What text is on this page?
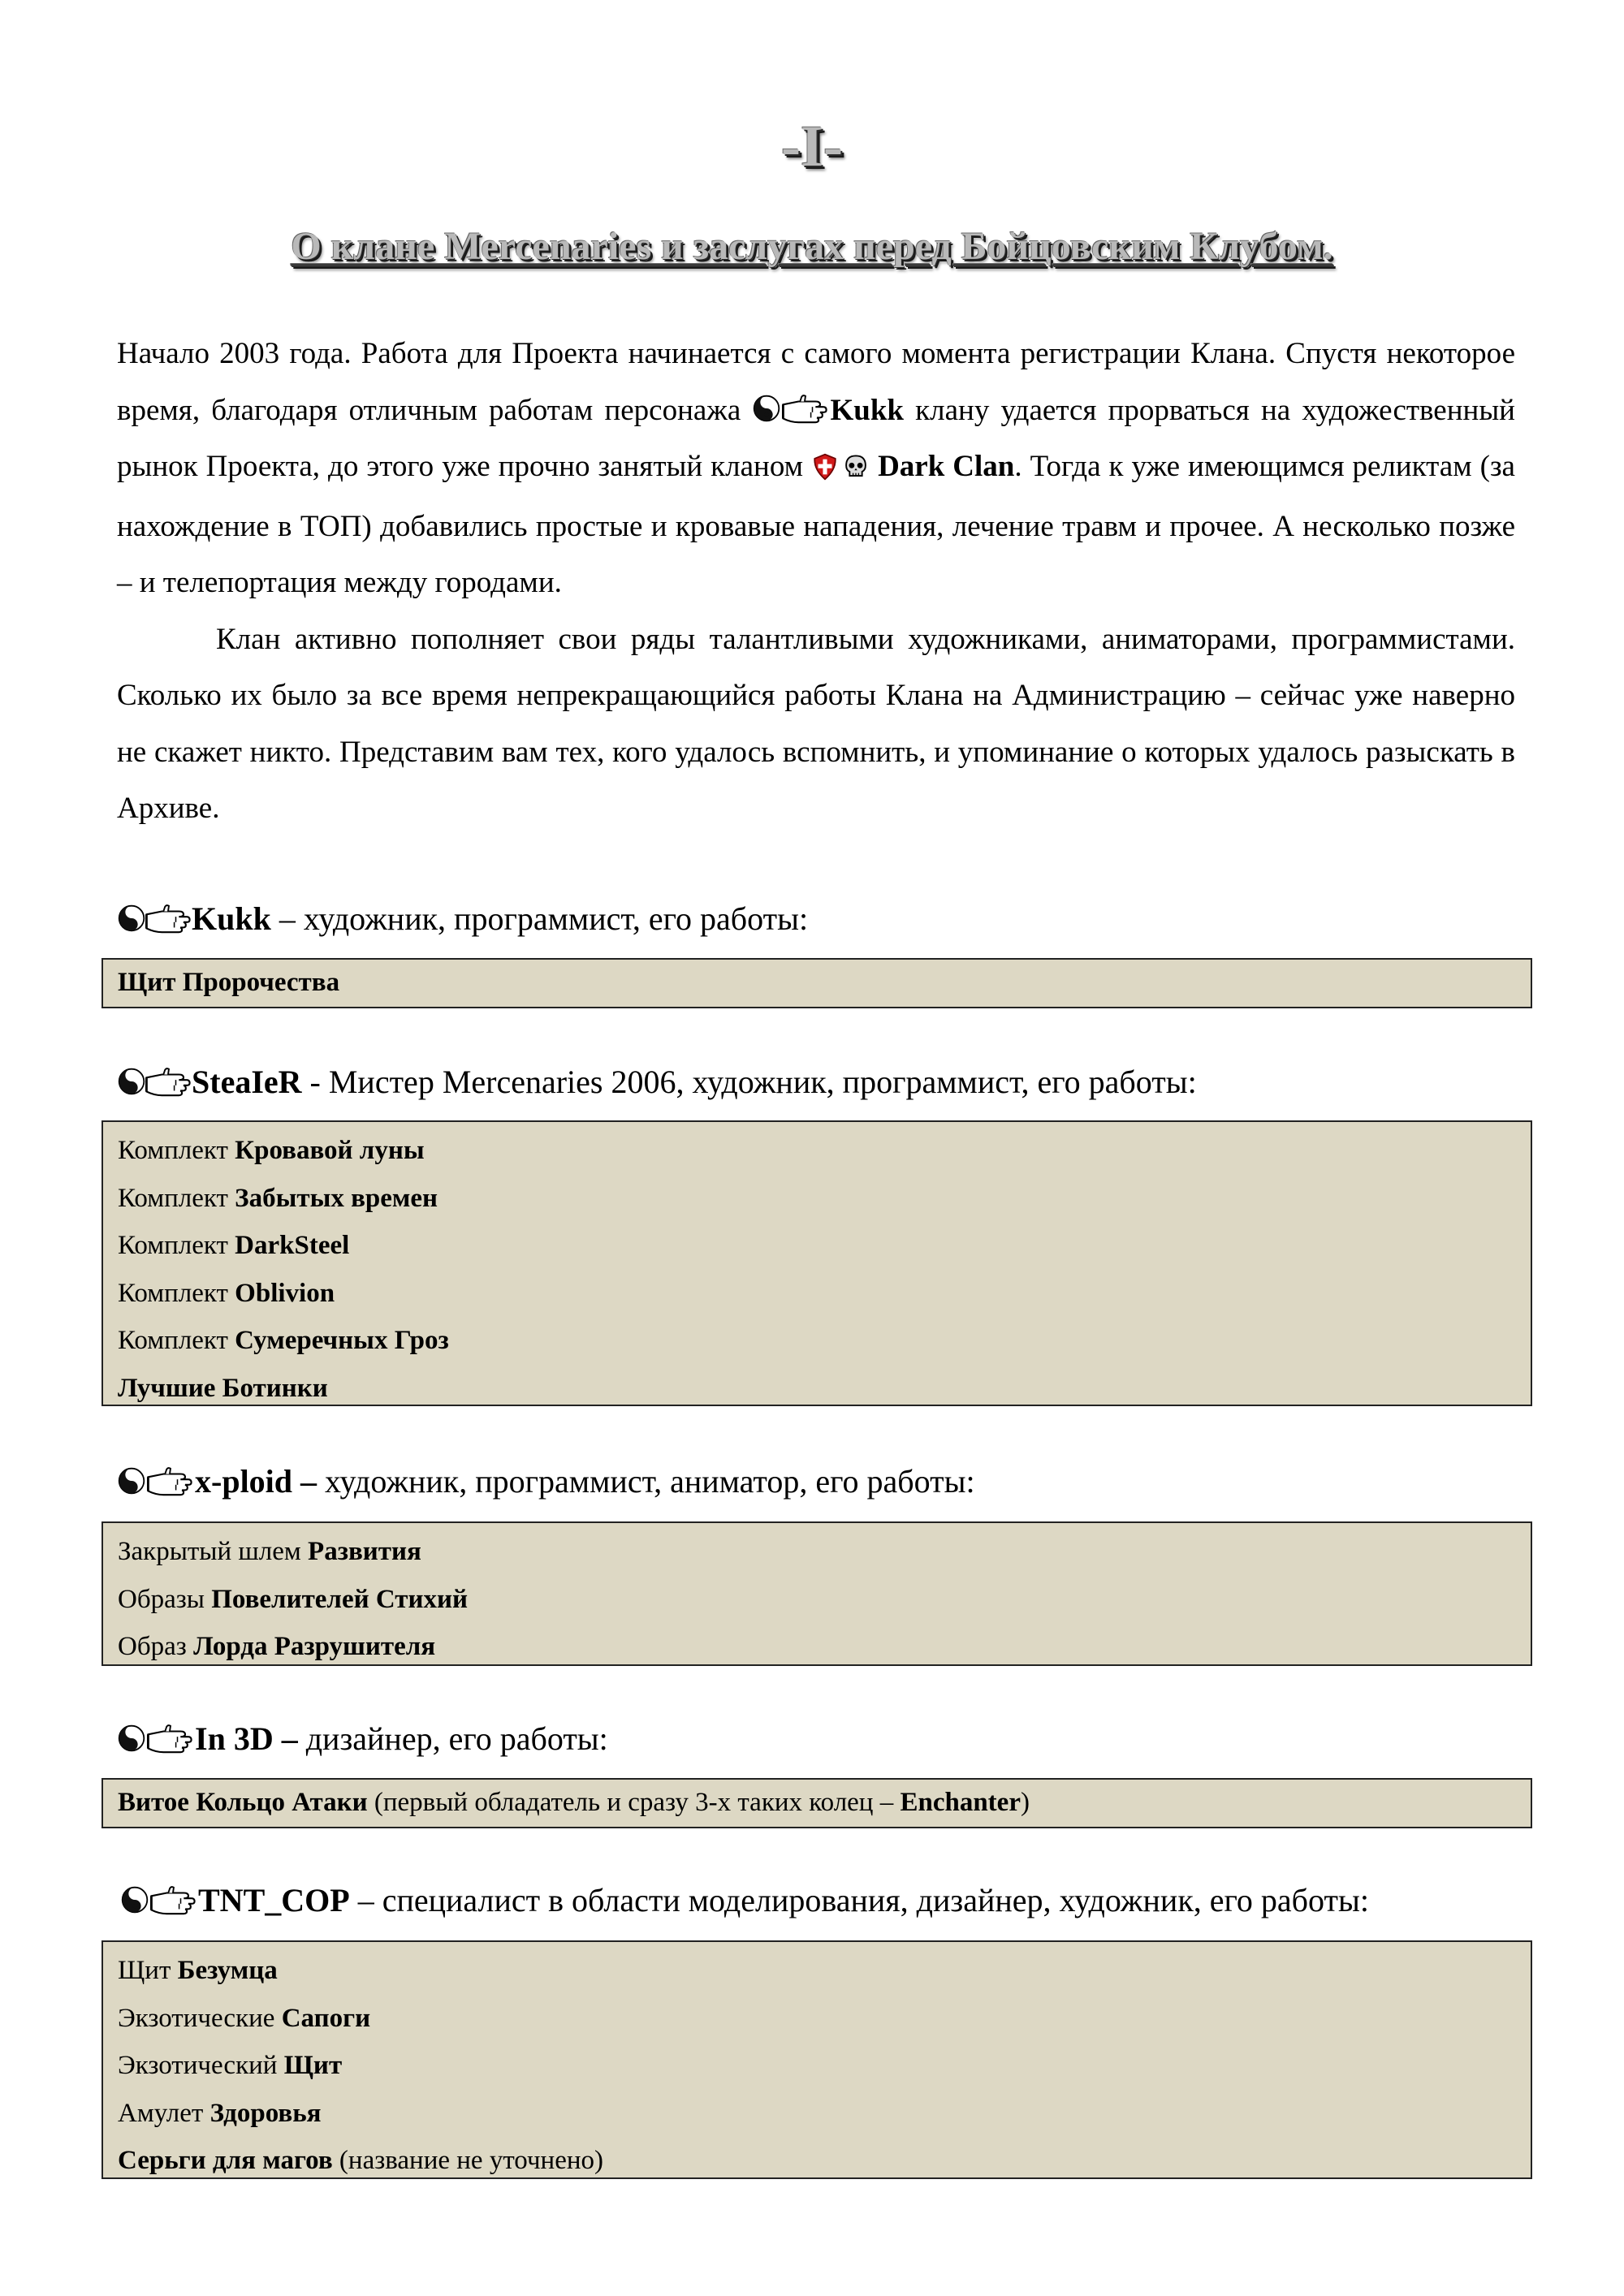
-I-
О клане Mercenaries и заслугах перед Бойцовским Клубом.

Начало 2003 года. Работа для Проекта начинается с самого момента регистрации Клана. Спустя некоторое время, благодаря отличным работам персонажа	Kukk клану удается прорваться на художественный рынок Проекта, до этого уже прочно занятый кланом  Dark Clan. Тогда к уже имеющимся реликтам (за нахождение в ТОП) добавились простые и кровавые нападения, лечение травм и прочее. А несколько позже – и телепортация между городами.

Клан активно пополняет свои ряды талантливыми художниками, аниматорами, программистами. Сколько их было за все время непрекращающийся работы Клана на Администрацию – сейчас уже наверно не скажет никто. Представим вам тех, кого удалось вспомнить, и упоминание о которых удалось разыскать в Архиве.

Kukk – художник, программист, его работы:
Щит Пророчества
SteaIeR - Мистер Mercenaries 2006, художник, программист, его работы:
Комплект Кровавой луны
Комплект Забытых времен
Комплект DarkSteel
Комплект Oblivion
Комплект Сумеречных Гроз
Лучшие Ботинки
x-ploid – художник, программист, аниматор, его работы:
Закрытый шлем Развития
Образы Повелителей Стихий
Образ Лорда Разрушителя
In 3D – дизайнер, его работы:
Витое Кольцо Атаки (первый обладатель и сразу 3-х таких колец – Enchanter)
TNT_COP – специалист в области моделирования, дизайнер, художник, его работы:
Щит Безумца
Экзотические Сапоги
Экзотический Щит
Амулет Здоровья
Серьги для магов (название не уточнено)
